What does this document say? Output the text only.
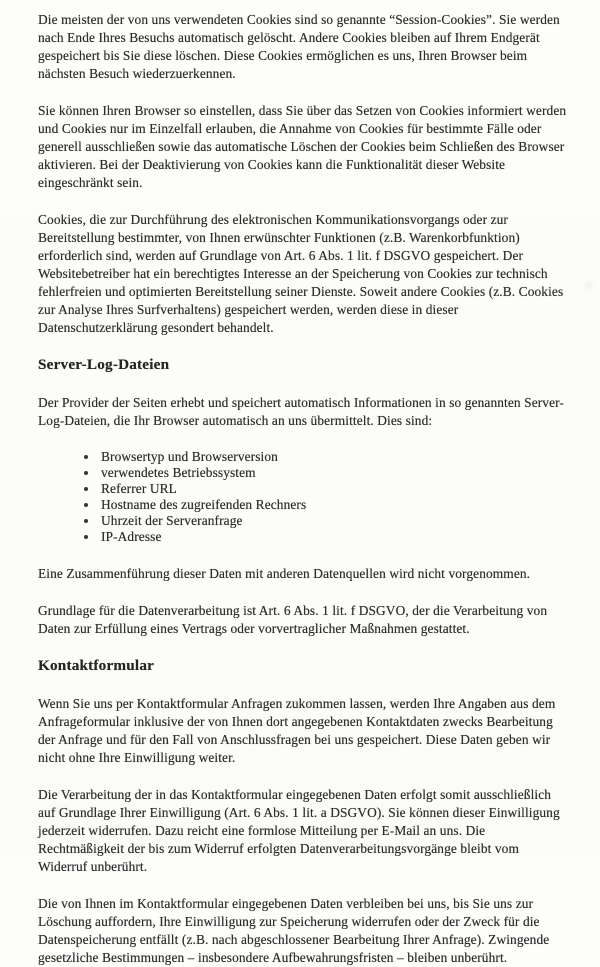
Die meisten der von uns verwendeten Cookies sind so genannte “Session-Cookies”. Sie werden nach Ende Ihres Besuchs automatisch gelöscht. Andere Cookies bleiben auf Ihrem Endgerät gespeichert bis Sie diese löschen. Diese Cookies ermöglichen es uns, Ihren Browser beim nächsten Besuch wiederzuerkennen.

Sie können Ihren Browser so einstellen, dass Sie über das Setzen von Cookies informiert werden und Cookies nur im Einzelfall erlauben, die Annahme von Cookies für bestimmte Fälle oder generell ausschließen sowie das automatische Löschen der Cookies beim Schließen des Browser aktivieren. Bei der Deaktivierung von Cookies kann die Funktionalität dieser Website eingeschränkt sein.

Cookies, die zur Durchführung des elektronischen Kommunikationsvorgangs oder zur Bereitstellung bestimmter, von Ihnen erwünschter Funktionen (z.B. Warenkorbfunktion) erforderlich sind, werden auf Grundlage von Art. 6 Abs. 1 lit. f DSGVO gespeichert. Der Websitebetreiber hat ein berechtigtes Interesse an der Speicherung von Cookies zur technisch fehlerfreien und optimierten Bereitstellung seiner Dienste. Soweit andere Cookies (z.B. Cookies zur Analyse Ihres Surfverhaltens) gespeichert werden, werden diese in dieser Datenschutzerklärung gesondert behandelt.

Server-Log-Dateien

Der Provider der Seiten erhebt und speichert automatisch Informationen in so genannten Server-Log-Dateien, die Ihr Browser automatisch an uns übermittelt. Dies sind:

Browsertyp und Browserversion
verwendetes Betriebssystem
Referrer URL
Hostname des zugreifenden Rechners
Uhrzeit der Serveranfrage
IP-Adresse

Eine Zusammenführung dieser Daten mit anderen Datenquellen wird nicht vorgenommen.

Grundlage für die Datenverarbeitung ist Art. 6 Abs. 1 lit. f DSGVO, der die Verarbeitung von Daten zur Erfüllung eines Vertrags oder vorvertraglicher Maßnahmen gestattet.

Kontaktformular

Wenn Sie uns per Kontaktformular Anfragen zukommen lassen, werden Ihre Angaben aus dem Anfrageformular inklusive der von Ihnen dort angegebenen Kontaktdaten zwecks Bearbeitung der Anfrage und für den Fall von Anschlussfragen bei uns gespeichert. Diese Daten geben wir nicht ohne Ihre Einwilligung weiter.

Die Verarbeitung der in das Kontaktformular eingegebenen Daten erfolgt somit ausschließlich auf Grundlage Ihrer Einwilligung (Art. 6 Abs. 1 lit. a DSGVO). Sie können dieser Einwilligung jederzeit widerrufen. Dazu reicht eine formlose Mitteilung per E-Mail an uns. Die Rechtmäßigkeit der bis zum Widerruf erfolgten Datenverarbeitungsvorgänge bleibt vom Widerruf unberührt.

Die von Ihnen im Kontaktformular eingegebenen Daten verbleiben bei uns, bis Sie uns zur Löschung auffordern, Ihre Einwilligung zur Speicherung widerrufen oder der Zweck für die Datenspeicherung entfällt (z.B. nach abgeschlossener Bearbeitung Ihrer Anfrage). Zwingende gesetzliche Bestimmungen – insbesondere Aufbewahrungsfristen – bleiben unberührt.
